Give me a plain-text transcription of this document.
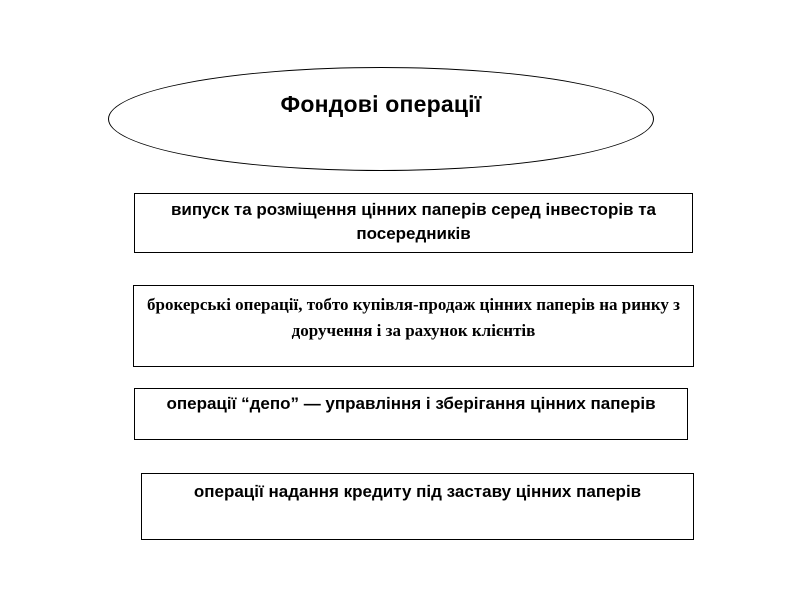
Фондові операції
випуск та розміщення цінних паперів серед інвесторів та посередників
брокерські операції, тобто купівля-продаж цінних паперів на ринку з доручення і за рахунок клієнтів
операції “депо” — управління і зберігання цінних паперів
операції надання кредиту під заставу цінних паперів
